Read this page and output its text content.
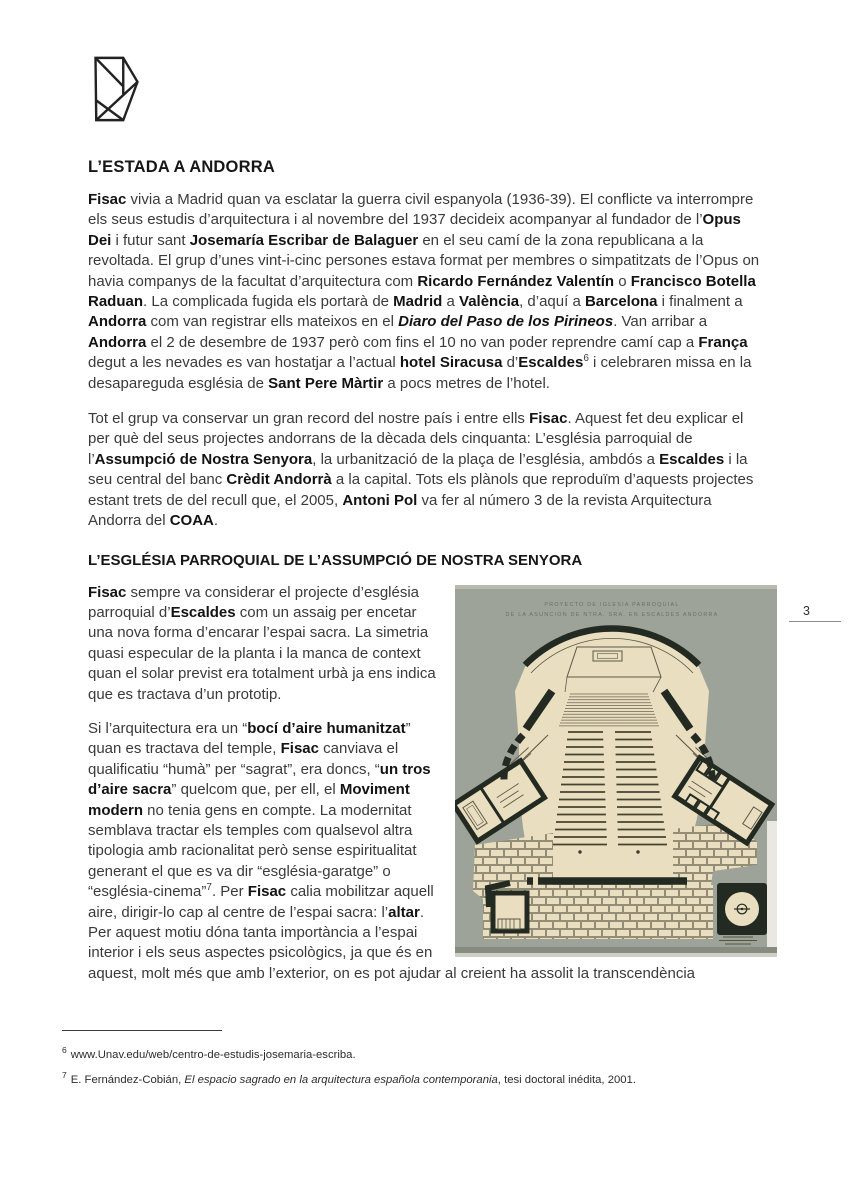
L’ESTADA A ANDORRA

Fisac vivia a Madrid quan va esclatar la guerra civil espanyola (1936-39). El conflicte va interrompre els seus estudis d’arquitectura i al novembre del 1937 decideix acompanyar al fundador de l’Opus Dei i futur sant Josemaría Escribar de Balaguer en el seu camí de la zona republicana a la revoltada. El grup d’unes vint-i-cinc persones estava format per membres o simpatitzats de l’Opus on havia companys de la facultat d’arquitectura com Ricardo Fernández Valentín o Francisco Botella Raduan. La complicada fugida els portarà de Madrid a València, d’aquí a Barcelona i finalment a Andorra com van registrar ells mateixos en el Diaro del Paso de los Pirineos. Van arribar a Andorra el 2 de desembre de 1937 però com fins el 10 no van poder reprendre camí cap a França degut a les nevades es van hostatjar a l’actual hotel Siracusa d’Escaldes$^6$ i celebraren missa en la desapareguda església de Sant Pere Màrtir a pocs metres de l’hotel.

Tot el grup va conservar un gran record del nostre país i entre ells Fisac. Aquest fet deu explicar el per què del seus projectes andorrans de la dècada dels cinquanta: L’església parroquial de l’Assumpció de Nostra Senyora, la urbanització de la plaça de l’església, ambdós a Escaldes i la seu central del banc Crèdit Andorrà a la capital. Tots els plànols que reproduïm d’aquests projectes estant trets de del recull que, el 2005, Antoni Pol va fer al número 3 de la revista Arquitectura Andorra del COAA.

L’ESGLÉSIA PARROQUIAL DE L’ASSUMPCIÓ DE NOSTRA SENYORA
PROYECTO DE IGLESIA PARROQUIAL
DE LA ASUNCION DE NTRA. SRA. EN ESCALDES ANDORRA

Fisac sempre va considerar el projecte d’església parroquial d’Escaldes com un assaig per encetar una nova forma d’encarar l’espai sacra. La simetria quasi especular de la planta i la manca de context quan el solar previst era totalment urbà ja ens indica que es tractava d’un prototip.

Si l’arquitectura era un “bocí d’aire humanitzat” quan es tractava del temple, Fisac canviava el qualificatiu “humà” per “sagrat”, era doncs, “un tros d’aire sacra” quelcom que, per ell, el Moviment modern no tenia gens en compte. La modernitat semblava tractar els temples com qualsevol altra tipologia amb racionalitat però sense espiritualitat generant el que es va dir “església-garatge” o “església-cinema”$^7$. Per Fisac calia mobilitzar aquell aire, dirigir-lo cap al centre de l’espai sacra: l’altar. Per aquest motiu dóna tanta importància a l’espai interior i els seus aspectes psicològics, ja que és en aquest, molt més que amb l’exterior, on es pot ajudar al creient ha assolit la transcendència

3
$^6$ www.Unav.edu/web/centro-de-estudis-josemaria-escriba.
$^7$ E. Fernández-Cobián, El espacio sagrado en la arquitectura española contemporania, tesi doctoral inédita, 2001.
